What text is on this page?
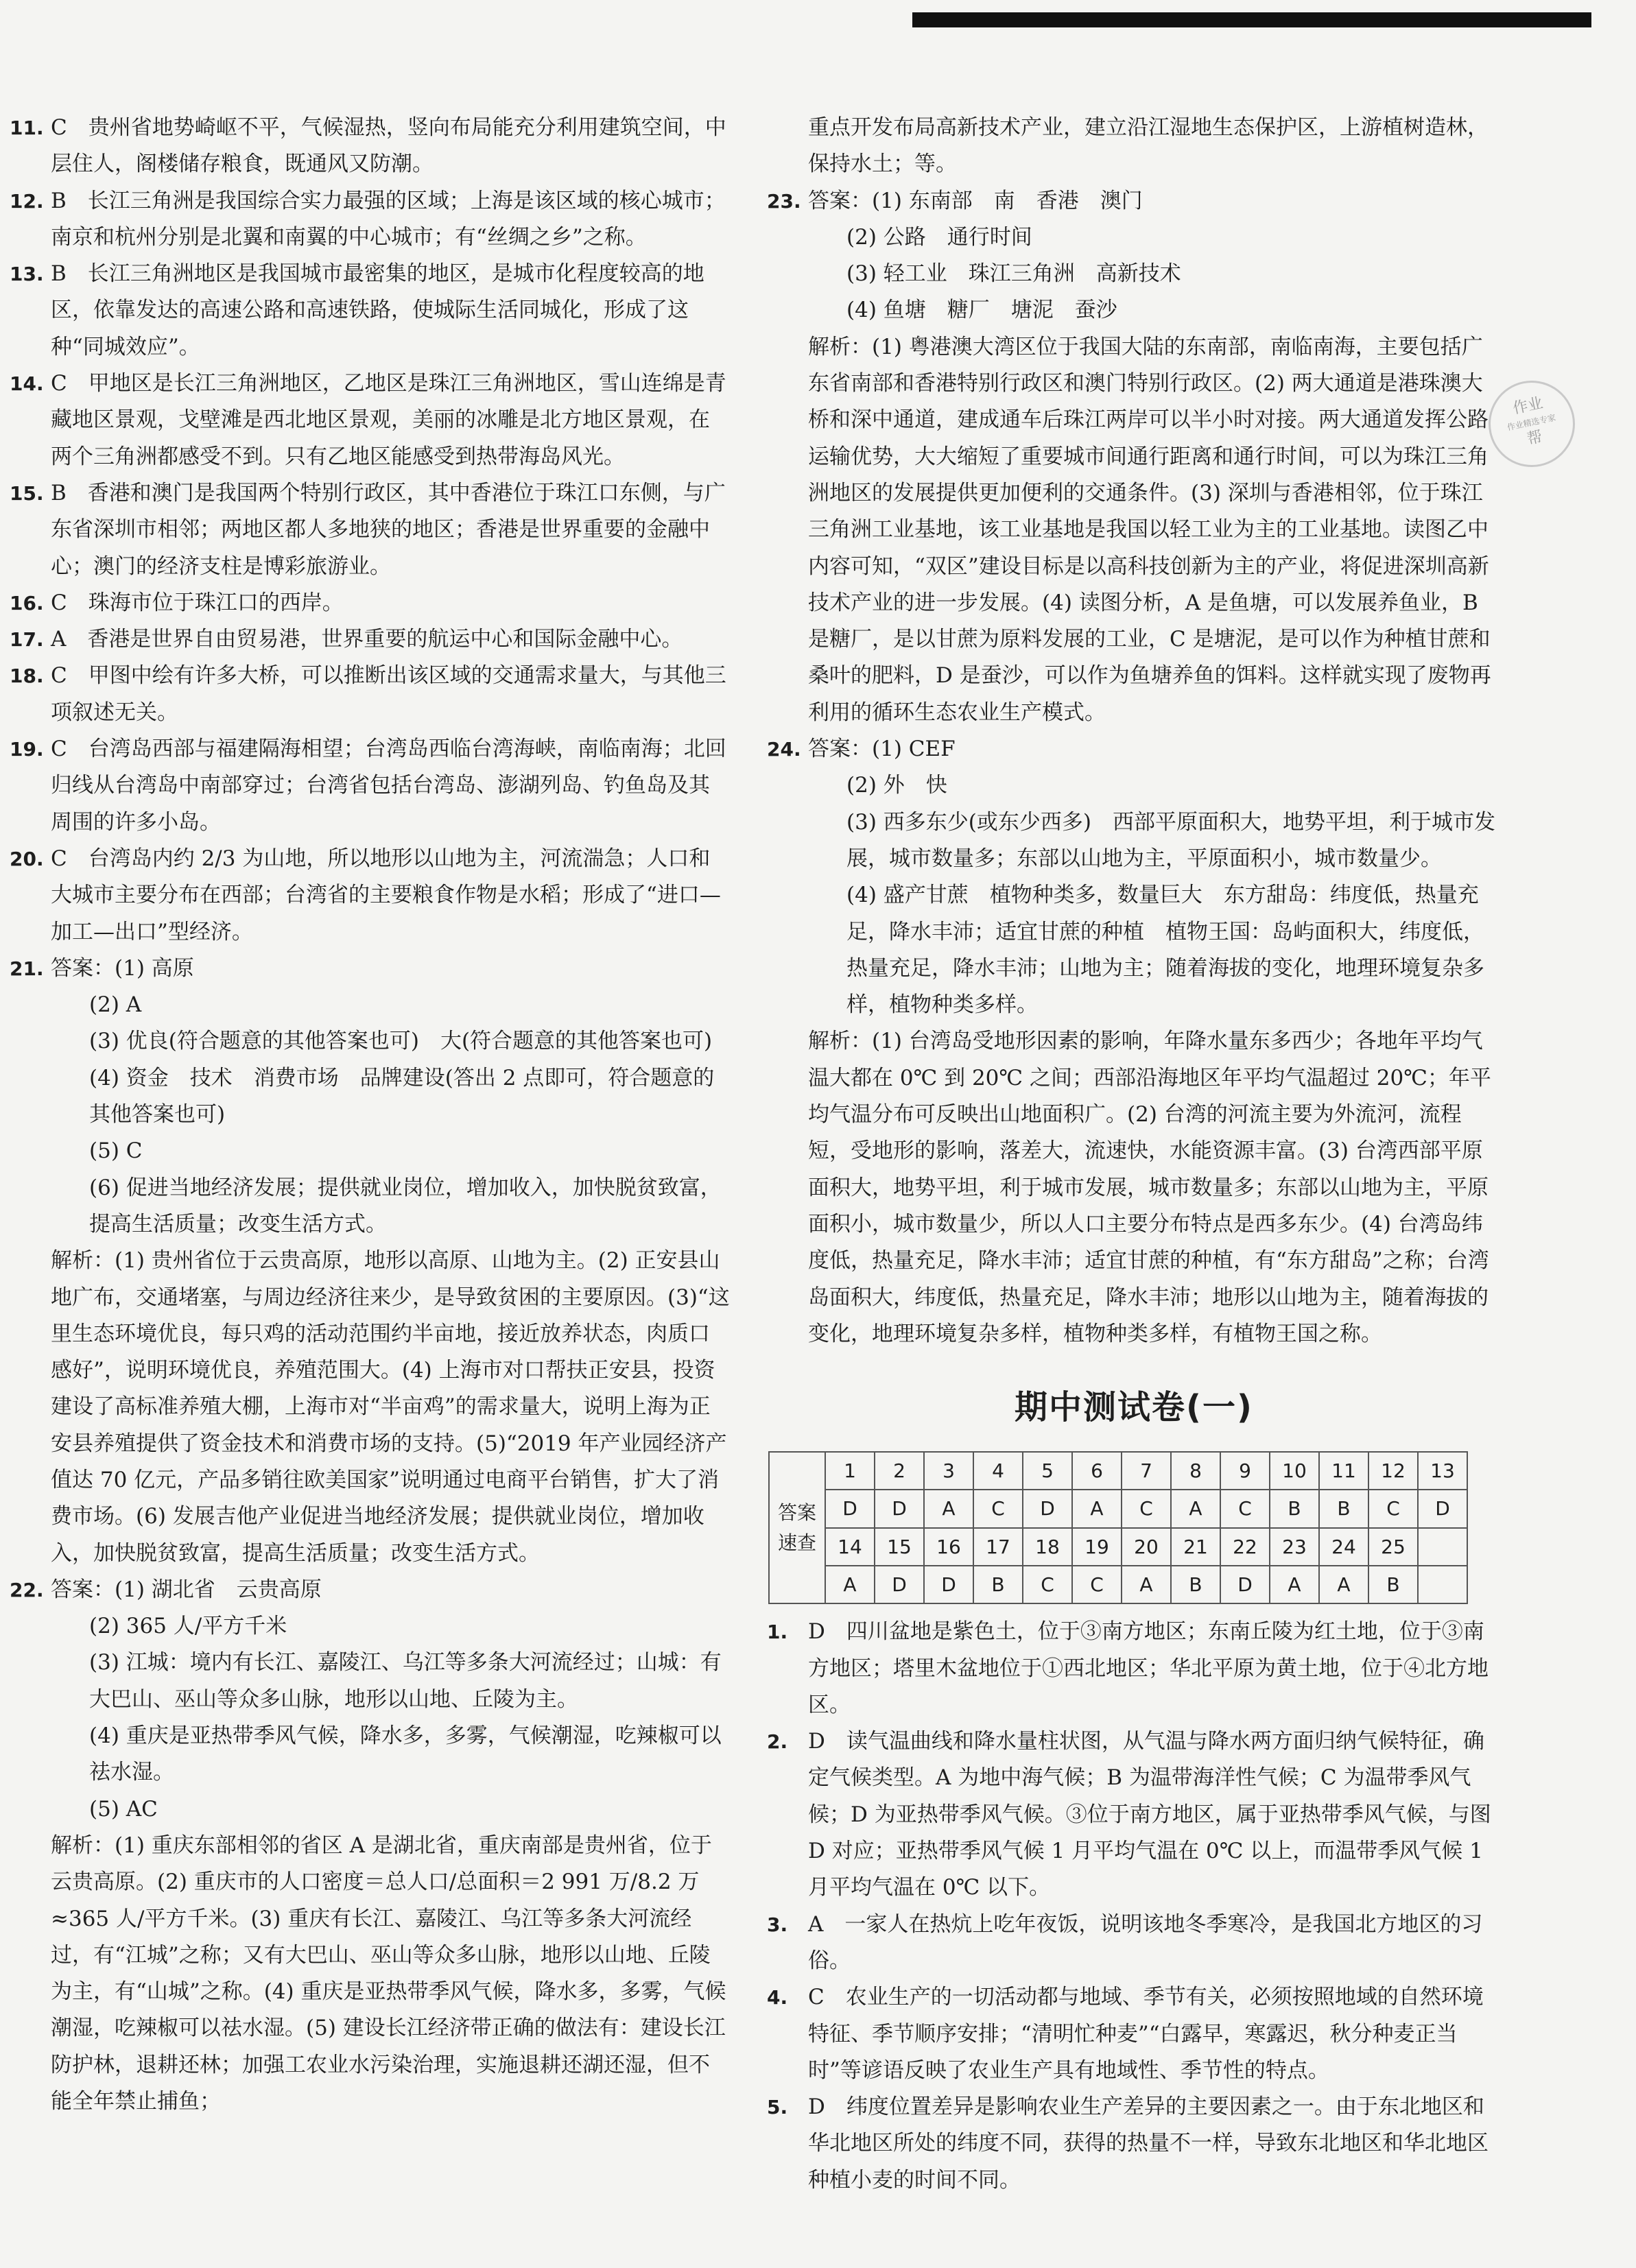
11. C　贵州省地势崎岖不平，气候湿热，竖向布局能充分利用建筑空间，中层住人，阁楼储存粮食，既通风又防潮。
12. B　长江三角洲是我国综合实力最强的区域；上海是该区域的核心城市；南京和杭州分别是北翼和南翼的中心城市；有“丝绸之乡”之称。
13. B　长江三角洲地区是我国城市最密集的地区，是城市化程度较高的地区，依靠发达的高速公路和高速铁路，使城际生活同城化，形成了这种“同城效应”。
14. C　甲地区是长江三角洲地区，乙地区是珠江三角洲地区，雪山连绵是青藏地区景观，戈壁滩是西北地区景观，美丽的冰雕是北方地区景观，在两个三角洲都感受不到。只有乙地区能感受到热带海岛风光。
15. B　香港和澳门是我国两个特别行政区，其中香港位于珠江口东侧，与广东省深圳市相邻；两地区都人多地狭的地区；香港是世界重要的金融中心；澳门的经济支柱是博彩旅游业。
16. C　珠海市位于珠江口的西岸。
17. A　香港是世界自由贸易港，世界重要的航运中心和国际金融中心。
18. C　甲图中绘有许多大桥，可以推断出该区域的交通需求量大，与其他三项叙述无关。
19. C　台湾岛西部与福建隔海相望；台湾岛西临台湾海峡，南临南海；北回归线从台湾岛中南部穿过；台湾省包括台湾岛、澎湖列岛、钓鱼岛及其周围的许多小岛。
20. C　台湾岛内约 2/3 为山地，所以地形以山地为主，河流湍急；人口和大城市主要分布在西部；台湾省的主要粮食作物是水稻；形成了“进口—加工—出口”型经济。
21. 答案：(1) 高原
(2) A
(3) 优良(符合题意的其他答案也可)　大(符合题意的其他答案也可)
(4) 资金　技术　消费市场　品牌建设(答出 2 点即可，符合题意的其他答案也可)
(5) C
(6) 促进当地经济发展；提供就业岗位，增加收入，加快脱贫致富，提高生活质量；改变生活方式。
解析：(1) 贵州省位于云贵高原，地形以高原、山地为主。(2) 正安县山地广布，交通堵塞，与周边经济往来少，是导致贫困的主要原因。(3)“这里生态环境优良，每只鸡的活动范围约半亩地，接近放养状态，肉质口感好”，说明环境优良，养殖范围大。(4) 上海市对口帮扶正安县，投资建设了高标准养殖大棚，上海市对“半亩鸡”的需求量大，说明上海为正安县养殖提供了资金技术和消费市场的支持。(5)“2019 年产业园经济产值达 70 亿元，产品多销往欧美国家”说明通过电商平台销售，扩大了消费市场。(6) 发展吉他产业促进当地经济发展；提供就业岗位，增加收入，加快脱贫致富，提高生活质量；改变生活方式。
22. 答案：(1) 湖北省　云贵高原
(2) 365 人/平方千米
(3) 江城：境内有长江、嘉陵江、乌江等多条大河流经过；山城：有大巴山、巫山等众多山脉，地形以山地、丘陵为主。
(4) 重庆是亚热带季风气候，降水多，多雾，气候潮湿，吃辣椒可以祛水湿。
(5) AC
解析：(1) 重庆东部相邻的省区 A 是湖北省，重庆南部是贵州省，位于云贵高原。(2) 重庆市的人口密度＝总人口/总面积＝2 991 万/8.2 万≈365 人/平方千米。(3) 重庆有长江、嘉陵江、乌江等多条大河流经过，有“江城”之称；又有大巴山、巫山等众多山脉，地形以山地、丘陵为主，有“山城”之称。(4) 重庆是亚热带季风气候，降水多，多雾，气候潮湿，吃辣椒可以祛水湿。(5) 建设长江经济带正确的做法有：建设长江防护林，退耕还林；加强工农业水污染治理，实施退耕还湖还湿，但不能全年禁止捕鱼；
重点开发布局高新技术产业，建立沿江湿地生态保护区，上游植树造林，保持水土；等。
23. 答案：(1) 东南部　南　香港　澳门
(2) 公路　通行时间
(3) 轻工业　珠江三角洲　高新技术
(4) 鱼塘　糖厂　塘泥　蚕沙
解析：(1) 粤港澳大湾区位于我国大陆的东南部，南临南海，主要包括广东省南部和香港特别行政区和澳门特别行政区。(2) 两大通道是港珠澳大桥和深中通道，建成通车后珠江两岸可以半小时对接。两大通道发挥公路运输优势，大大缩短了重要城市间通行距离和通行时间，可以为珠江三角洲地区的发展提供更加便利的交通条件。(3) 深圳与香港相邻，位于珠江三角洲工业基地，该工业基地是我国以轻工业为主的工业基地。读图乙中内容可知，“双区”建设目标是以高科技创新为主的产业，将促进深圳高新技术产业的进一步发展。(4) 读图分析，A 是鱼塘，可以发展养鱼业，B 是糖厂，是以甘蔗为原料发展的工业，C 是塘泥，是可以作为种植甘蔗和桑叶的肥料，D 是蚕沙，可以作为鱼塘养鱼的饵料。这样就实现了废物再利用的循环生态农业生产模式。
24. 答案：(1) CEF
(2) 外　快
(3) 西多东少(或东少西多)　西部平原面积大，地势平坦，利于城市发展，城市数量多；东部以山地为主，平原面积小，城市数量少。
(4) 盛产甘蔗　植物种类多，数量巨大　东方甜岛：纬度低，热量充足，降水丰沛；适宜甘蔗的种植　植物王国：岛屿面积大，纬度低，热量充足，降水丰沛；山地为主；随着海拔的变化，地理环境复杂多样，植物种类多样。
解析：(1) 台湾岛受地形因素的影响，年降水量东多西少；各地年平均气温大都在 0℃ 到 20℃ 之间；西部沿海地区年平均气温超过 20℃；年平均气温分布可反映出山地面积广。(2) 台湾的河流主要为外流河，流程短，受地形的影响，落差大，流速快，水能资源丰富。(3) 台湾西部平原面积大，地势平坦，利于城市发展，城市数量多；东部以山地为主，平原面积小，城市数量少，所以人口主要分布特点是西多东少。(4) 台湾岛纬度低，热量充足，降水丰沛；适宜甘蔗的种植，有“东方甜岛”之称；台湾岛面积大，纬度低，热量充足，降水丰沛；地形以山地为主，随着海拔的变化，地理环境复杂多样，植物种类多样，有植物王国之称。
期中测试卷(一)
答案
速查	1	2	3	4	5	6	7	8	9	10	11	12	13
	D	D	A	C	D	A	C	A	C	B	B	C	D
	14	15	16	17	18	19	20	21	22	23	24	25	
	A	D	D	B	C	C	A	B	D	A	A	B	
1. D　四川盆地是紫色土，位于③南方地区；东南丘陵为红土地，位于③南方地区；塔里木盆地位于①西北地区；华北平原为黄土地，位于④北方地区。
2. D　读气温曲线和降水量柱状图，从气温与降水两方面归纳气候特征，确定气候类型。A 为地中海气候；B 为温带海洋性气候；C 为温带季风气候；D 为亚热带季风气候。③位于南方地区，属于亚热带季风气候，与图 D 对应；亚热带季风气候 1 月平均气温在 0℃ 以上，而温带季风气候 1 月平均气温在 0℃ 以下。
3. A　一家人在热炕上吃年夜饭，说明该地冬季寒冷，是我国北方地区的习俗。
4. C　农业生产的一切活动都与地域、季节有关，必须按照地域的自然环境特征、季节顺序安排；“清明忙种麦”“白露早，寒露迟，秋分种麦正当时”等谚语反映了农业生产具有地域性、季节性的特点。
5. D　纬度位置差异是影响农业生产差异的主要因素之一。由于东北地区和华北地区所处的纬度不同，获得的热量不一样，导致东北地区和华北地区种植小麦的时间不同。
作业
作业精选专家
帮
